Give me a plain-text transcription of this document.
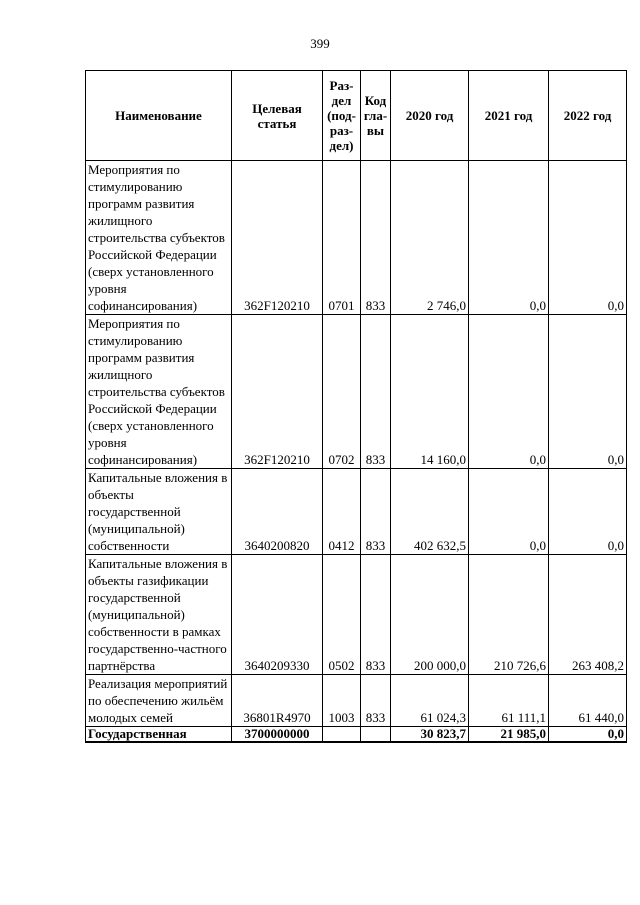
399
Наименование	Целевая статья	Раз-дел (под-раз-дел)	Код гла-вы	2020 год	2021 год	2022 год
Мероприятия по стимулированию программ развития жилищного строительства субъектов Российской Федерации (сверх установленного уровня софинансирования)	362F120210	0701	833	2 746,0	0,0	0,0
Мероприятия по стимулированию программ развития жилищного строительства субъектов Российской Федерации (сверх установленного уровня софинансирования)	362F120210	0702	833	14 160,0	0,0	0,0
Капитальные вложения в объекты государственной (муниципальной) собственности	3640200820	0412	833	402 632,5	0,0	0,0
Капитальные вложения в объекты газификации государственной (муниципальной) собственности в рамках государственно-частного партнёрства	3640209330	0502	833	200 000,0	210 726,6	263 408,2
Реализация мероприятий по обеспечению жильём молодых семей	36801R4970	1003	833	61 024,3	61 111,1	61 440,0
Государственная	3700000000			30 823,7	21 985,0	0,0
